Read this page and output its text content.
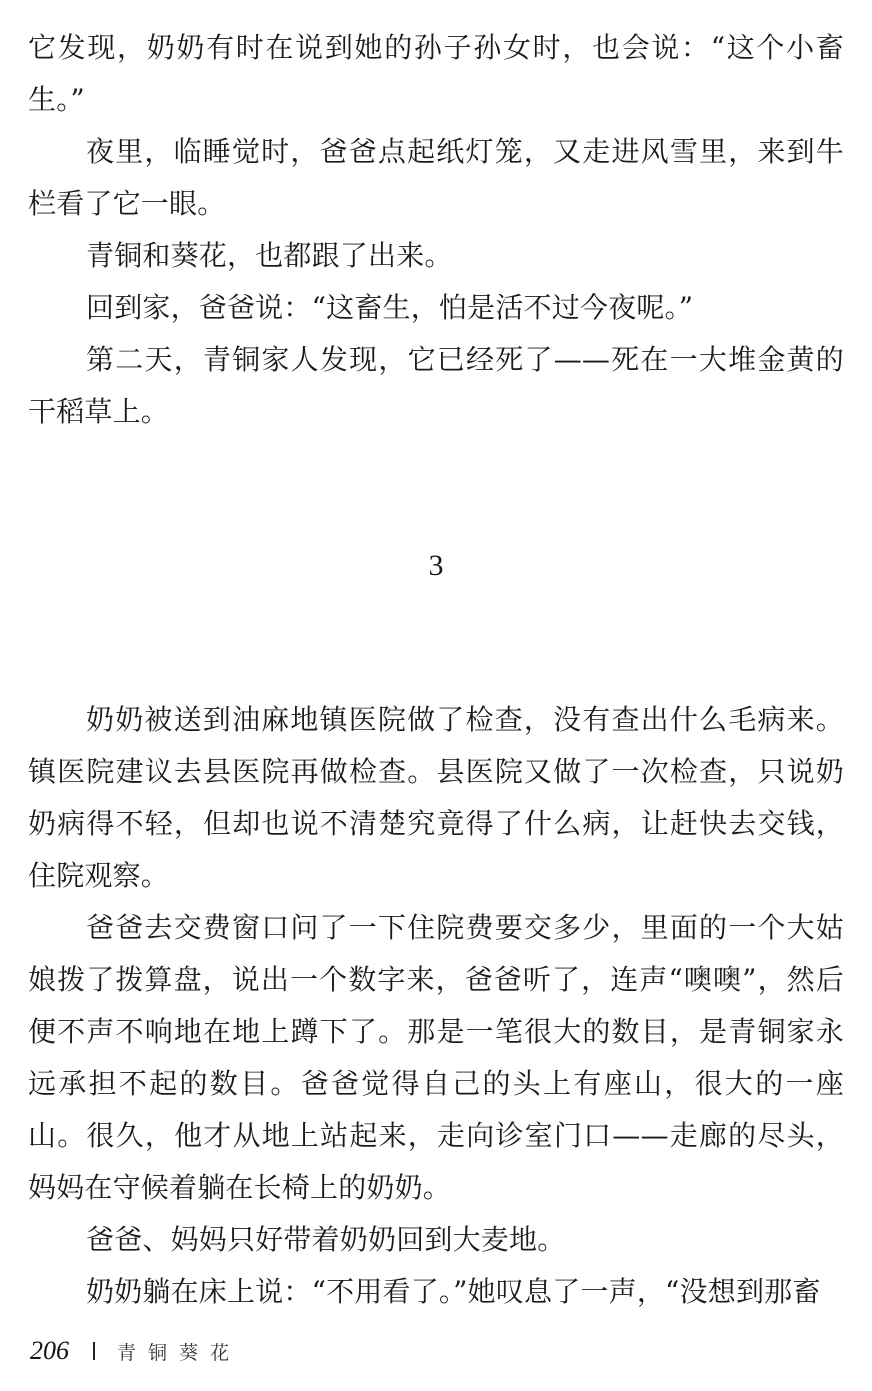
它发现，奶奶有时在说到她的孙子孙女时，也会说：“这个小畜生。”

夜里，临睡觉时，爸爸点起纸灯笼，又走进风雪里，来到牛栏看了它一眼。

青铜和葵花，也都跟了出来。

回到家，爸爸说：“这畜生，怕是活不过今夜呢。”

第二天，青铜家人发现，它已经死了——死在一大堆金黄的干稻草上。

3

奶奶被送到油麻地镇医院做了检查，没有查出什么毛病来。镇医院建议去县医院再做检查。县医院又做了一次检查，只说奶奶病得不轻，但却也说不清楚究竟得了什么病，让赶快去交钱，住院观察。

爸爸去交费窗口问了一下住院费要交多少，里面的一个大姑娘拨了拨算盘，说出一个数字来，爸爸听了，连声“噢噢”，然后便不声不响地在地上蹲下了。那是一笔很大的数目，是青铜家永远承担不起的数目。爸爸觉得自己的头上有座山，很大的一座山。很久，他才从地上站起来，走向诊室门口——走廊的尽头，妈妈在守候着躺在长椅上的奶奶。

爸爸、妈妈只好带着奶奶回到大麦地。

奶奶躺在床上说：“不用看了。”她叹息了一声，“没想到那畜

206	青铜葵花
